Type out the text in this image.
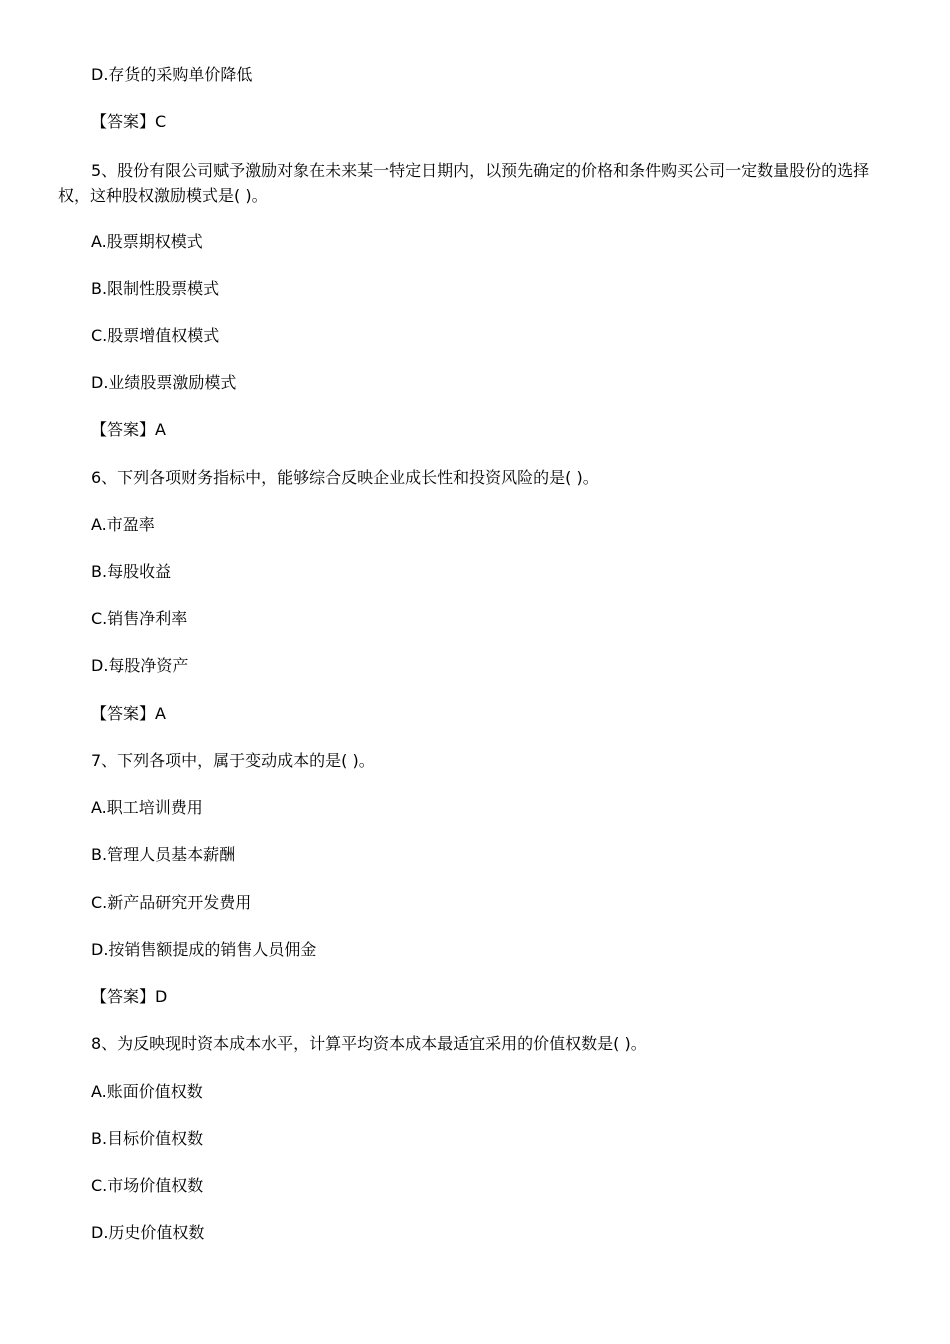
D.存货的采购单价降低
【答案】C
5、股份有限公司赋予激励对象在未来某一特定日期内，以预先确定的价格和条件购买公司一定数量股份的选择权，这种股权激励模式是( )。
A.股票期权模式
B.限制性股票模式
C.股票增值权模式
D.业绩股票激励模式
【答案】A
6、下列各项财务指标中，能够综合反映企业成长性和投资风险的是( )。
A.市盈率
B.每股收益
C.销售净利率
D.每股净资产
【答案】A
7、下列各项中，属于变动成本的是( )。
A.职工培训费用
B.管理人员基本薪酬
C.新产品研究开发费用
D.按销售额提成的销售人员佣金
【答案】D
8、为反映现时资本成本水平，计算平均资本成本最适宜采用的价值权数是( )。
A.账面价值权数
B.目标价值权数
C.市场价值权数
D.历史价值权数
